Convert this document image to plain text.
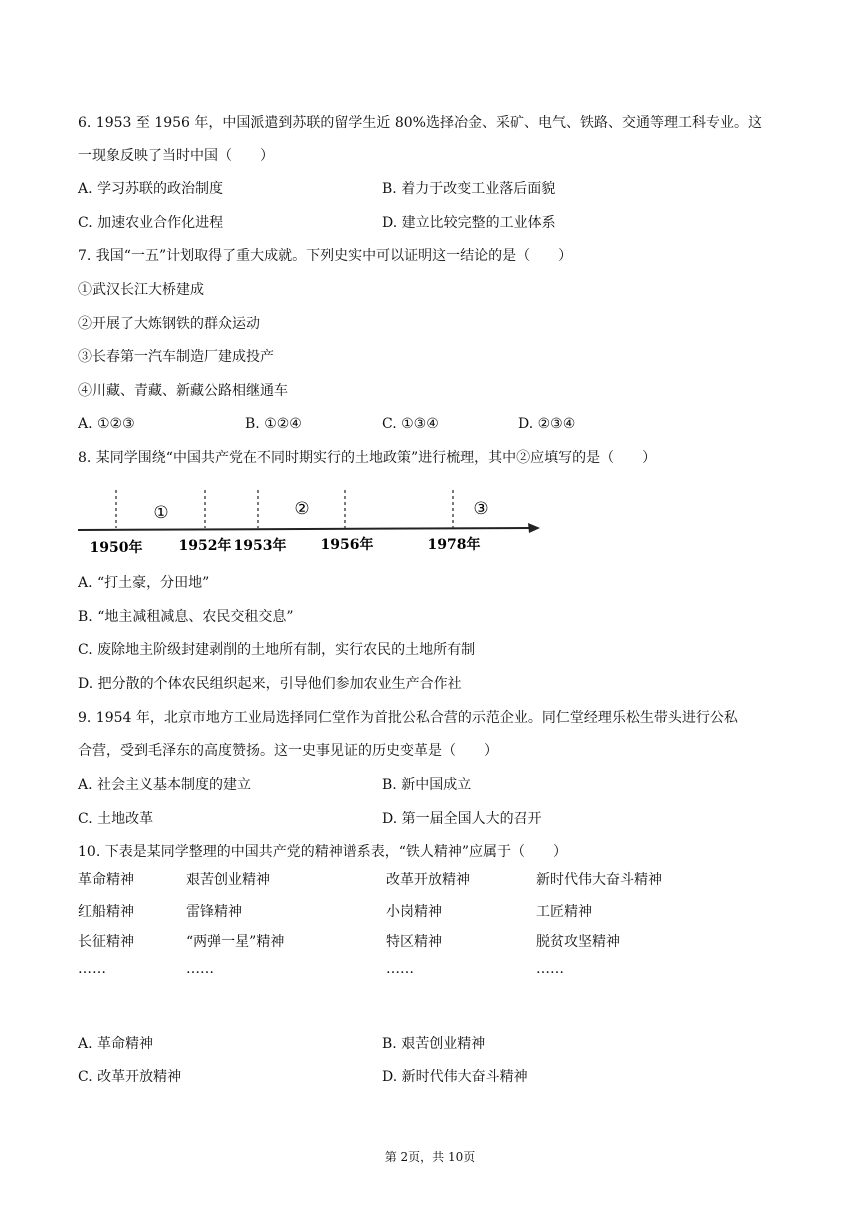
6. 1953 至 1956 年，中国派遣到苏联的留学生近 80%选择冶金、采矿、电气、铁路、交通等理工科专业。这
一现象反映了当时中国（　　）
A. 学习苏联的政治制度	B. 着力于改变工业落后面貌
C. 加速农业合作化进程	D. 建立比较完整的工业体系
7. 我国“一五”计划取得了重大成就。下列史实中可以证明这一结论的是（　　）
①武汉长江大桥建成
②开展了大炼钢铁的群众运动
③长春第一汽车制造厂建成投产
④川藏、青藏、新藏公路相继通车
A. ①②③	B. ①②④	C. ①③④	D. ②③④
8. 某同学围绕“中国共产党在不同时期实行的土地政策”进行梳理，其中②应填写的是（　　）
①	②	③
1950年	1952年 1953年 1956年	1978年
A. “打土豪，分田地”
B. “地主减租减息、农民交租交息”
C. 废除地主阶级封建剥削的土地所有制，实行农民的土地所有制
D. 把分散的个体农民组织起来，引导他们参加农业生产合作社
9. 1954 年，北京市地方工业局选择同仁堂作为首批公私合营的示范企业。同仁堂经理乐松生带头进行公私
合营，受到毛泽东的高度赞扬。这一史事见证的历史变革是（　　）
A. 社会主义基本制度的建立	B. 新中国成立
C. 土地改革	D. 第一届全国人大的召开
10. 下表是某同学整理的中国共产党的精神谱系表，“铁人精神”应属于（　　）
革命精神	艰苦创业精神	改革开放精神	新时代伟大奋斗精神
红船精神	雷锋精神	小岗精神	工匠精神
长征精神	“两弹一星”精神	特区精神	脱贫攻坚精神
……	……	……	……
A. 革命精神	B. 艰苦创业精神
C. 改革开放精神	D. 新时代伟大奋斗精神
第 2页，共 10页
